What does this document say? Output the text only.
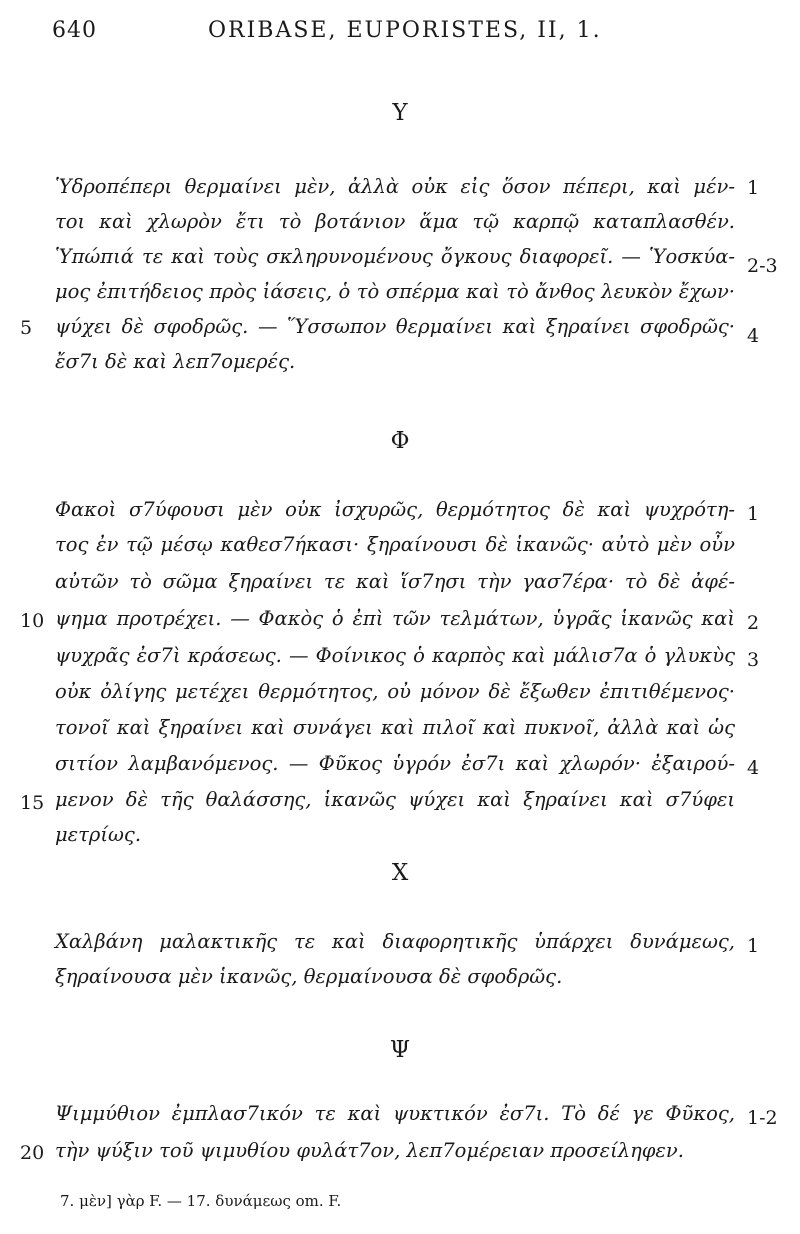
640	ORIBASE, EUPORISTES, II, 1.
Υ
Ὑδροπέπερι θερμαίνει μὲν, ἀλλὰ οὐκ εἰς ὅσον πέπερι, καὶ μέν- 1
τοι καὶ χλωρὸν ἔτι τὸ βοτάνιον ἅμα τῷ καρπῷ καταπλασθέν.
Ὑπώπιά τε καὶ τοὺς σκληρυνομένους ὄγκους διαφορεῖ. — Ὑοσκύα- 2-3
μος ἐπιτήδειος πρὸς ἰάσεις, ὁ τὸ σπέρμα καὶ τὸ ἄνθος λευκὸν ἔχων·
5 ψύχει δὲ σφοδρῶς. — Ὕσσωπον θερμαίνει καὶ ξηραίνει σφοδρῶς· 4
ἔσ7ι δὲ καὶ λεπ7ομερές.
Φ
Φακοὶ σ7ύφουσι μὲν οὐκ ἰσχυρῶς, θερμότητος δὲ καὶ ψυχρότη- 1
τος ἐν τῷ μέσῳ καθεσ7ήκασι· ξηραίνουσι δὲ ἱκανῶς· αὐτὸ μὲν οὖν
αὐτῶν τὸ σῶμα ξηραίνει τε καὶ ἵσ7ησι τὴν γασ7έρα· τὸ δὲ ἀφέ-
10 ψημα προτρέχει. — Φακὸς ὁ ἐπὶ τῶν τελμάτων, ὑγρᾶς ἱκανῶς καὶ 2
ψυχρᾶς ἐσ7ὶ κράσεως. — Φοίνικος ὁ καρπὸς καὶ μάλισ7α ὁ γλυκὺς 3
οὐκ ὀλίγης μετέχει θερμότητος, οὐ μόνον δὲ ἔξωθεν ἐπιτιθέμενος·
τονοῖ καὶ ξηραίνει καὶ συνάγει καὶ πιλοῖ καὶ πυκνοῖ, ἀλλὰ καὶ ὡς
σιτίον λαμβανόμενος. — Φῦκος ὑγρόν ἐσ7ι καὶ χλωρόν· ἐξαιρού- 4
15 μενον δὲ τῆς θαλάσσης, ἱκανῶς ψύχει καὶ ξηραίνει καὶ σ7ύφει
μετρίως.
Χ
Χαλβάνη μαλακτικῆς τε καὶ διαφορητικῆς ὑπάρχει δυνάμεως, 1
ξηραίνουσα μὲν ἱκανῶς, θερμαίνουσα δὲ σφοδρῶς.
Ψ
Ψιμμύθιον ἐμπλασ7ικόν τε καὶ ψυκτικόν ἐσ7ι. Τὸ δέ γε Φῦκος, 1-2
20 τὴν ψύξιν τοῦ ψιμυθίου φυλάτ7ον, λεπ7ομέρειαν προσείληφεν.
7. μὲν] γὰρ F. — 17. δυνάμεως om. F.
